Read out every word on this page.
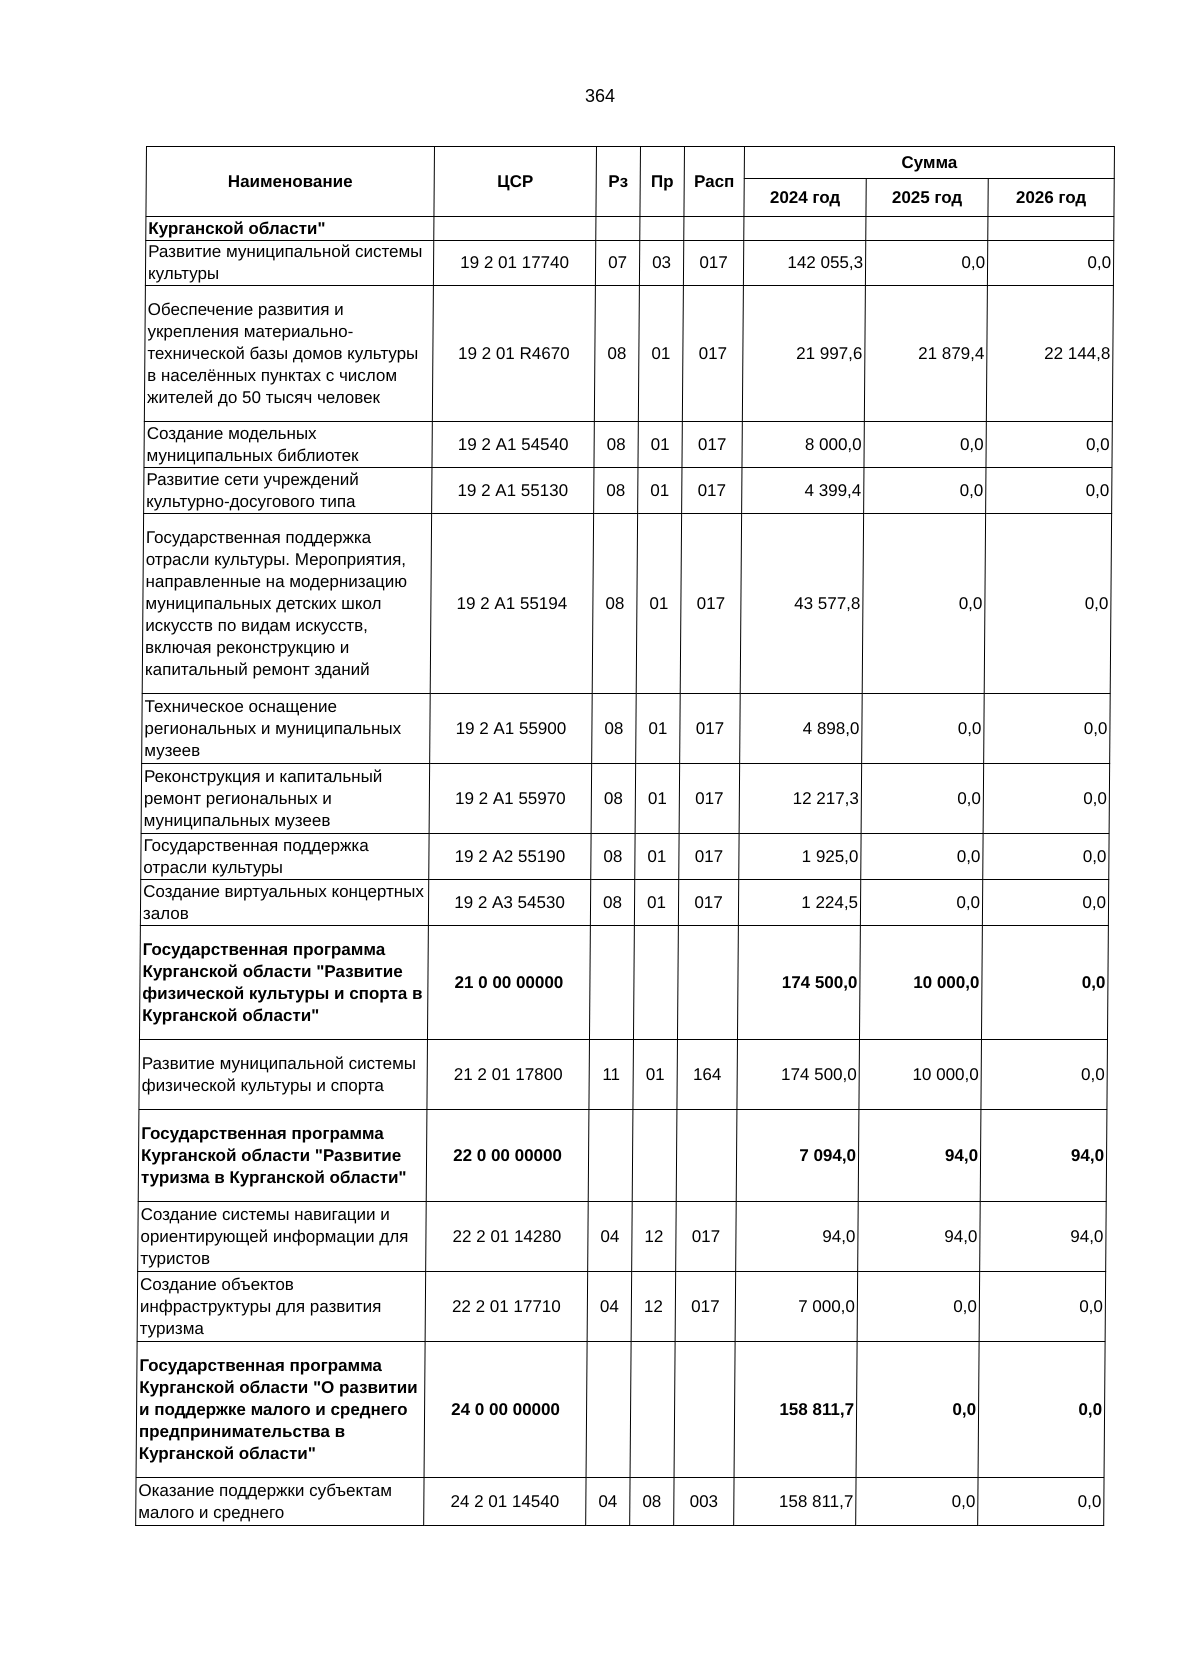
364
Наименование	ЦСР	Рз	Пр	Расп	Сумма		
					2024 год	2025 год	2026 год
Курганской области"							
Развитие муниципальной системы культуры	19 2 01 17740	07	03	017	142 055,3	0,0	0,0
Обеспечение развития и укрепления материально-технической базы домов культуры в населённых пунктах с числом жителей до 50 тысяч человек	19 2 01 R4670	08	01	017	21 997,6	21 879,4	22 144,8
Создание модельных муниципальных библиотек	19 2 А1 54540	08	01	017	8 000,0	0,0	0,0
Развитие сети учреждений культурно-досугового типа	19 2 А1 55130	08	01	017	4 399,4	0,0	0,0
Государственная поддержка отрасли культуры. Мероприятия, направленные на модернизацию муниципальных детских школ искусств по видам искусств, включая реконструкцию и капитальный ремонт зданий	19 2 А1 55194	08	01	017	43 577,8	0,0	0,0
Техническое оснащение региональных и муниципальных музеев	19 2 А1 55900	08	01	017	4 898,0	0,0	0,0
Реконструкция и капитальный ремонт региональных и муниципальных музеев	19 2 А1 55970	08	01	017	12 217,3	0,0	0,0
Государственная поддержка отрасли культуры	19 2 А2 55190	08	01	017	1 925,0	0,0	0,0
Создание виртуальных концертных залов	19 2 А3 54530	08	01	017	1 224,5	0,0	0,0
Государственная программа Курганской области "Развитие физической культуры и спорта в Курганской области"	21 0 00 00000				174 500,0	10 000,0	0,0
Развитие муниципальной системы физической культуры и спорта	21 2 01 17800	11	01	164	174 500,0	10 000,0	0,0
Государственная программа Курганской области "Развитие туризма в Курганской области"	22 0 00 00000				7 094,0	94,0	94,0
Создание системы навигации и ориентирующей информации для туристов	22 2 01 14280	04	12	017	94,0	94,0	94,0
Создание объектов инфраструктуры для развития туризма	22 2 01 17710	04	12	017	7 000,0	0,0	0,0
Государственная программа Курганской области "О развитии и поддержке малого и среднего предпринимательства в Курганской области"	24 0 00 00000				158 811,7	0,0	0,0
Оказание поддержки субъектам малого и среднего	24 2 01 14540	04	08	003	158 811,7	0,0	0,0
